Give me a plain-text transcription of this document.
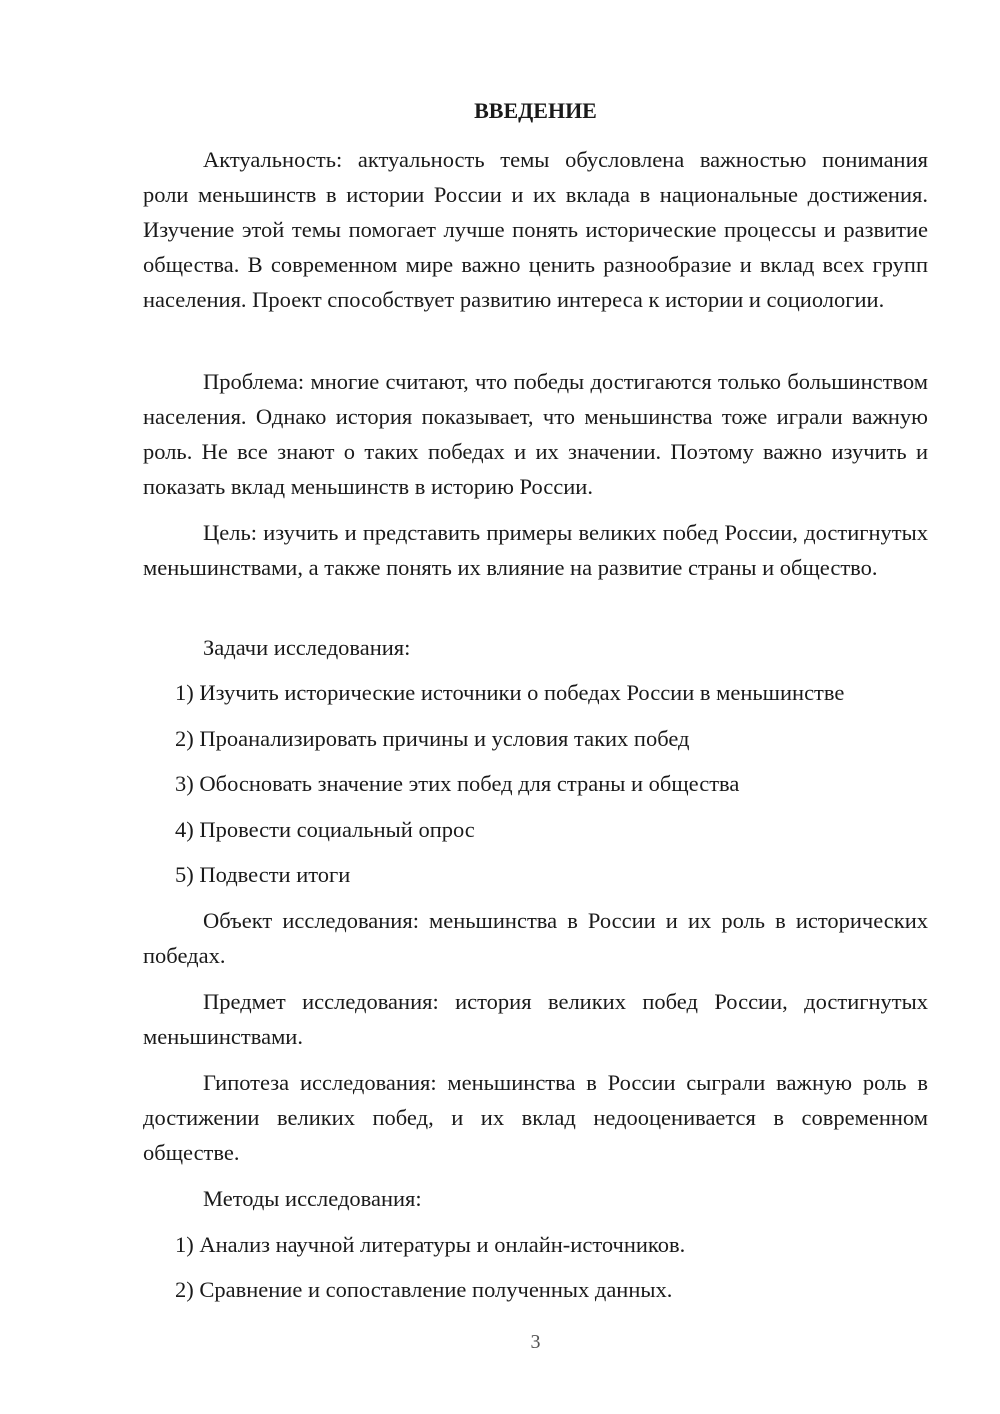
ВВЕДЕНИЕ

Актуальность: актуальность темы обусловлена важностью понимания роли меньшинств в истории России и их вклада в национальные достижения. Изучение этой темы помогает лучше понять исторические процессы и развитие общества. В современном мире важно ценить разнообразие и вклад всех групп населения. Проект способствует развитию интереса к истории и социологии.

Проблема: многие считают, что победы достигаются только большинством населения. Однако история показывает, что меньшинства тоже играли важную роль. Не все знают о таких победах и их значении. Поэтому важно изучить и показать вклад меньшинств в историю России.

Цель: изучить и представить примеры великих побед России, достигнутых меньшинствами, а также понять их влияние на развитие страны и общество.

Задачи исследования:

1) Изучить исторические источники о победах России в меньшинстве

2) Проанализировать причины и условия таких побед

3) Обосновать значение этих побед для страны и общества

4) Провести социальный опрос

5) Подвести итоги

Объект исследования: меньшинства в России и их роль в исторических победах.

Предмет исследования: история великих побед России, достигнутых меньшинствами.

Гипотеза исследования: меньшинства в России сыграли важную роль в достижении великих побед, и их вклад недооценивается в современном обществе.

Методы исследования:

1) Анализ научной литературы и онлайн-источников.

2) Сравнение и сопоставление полученных данных.

3
